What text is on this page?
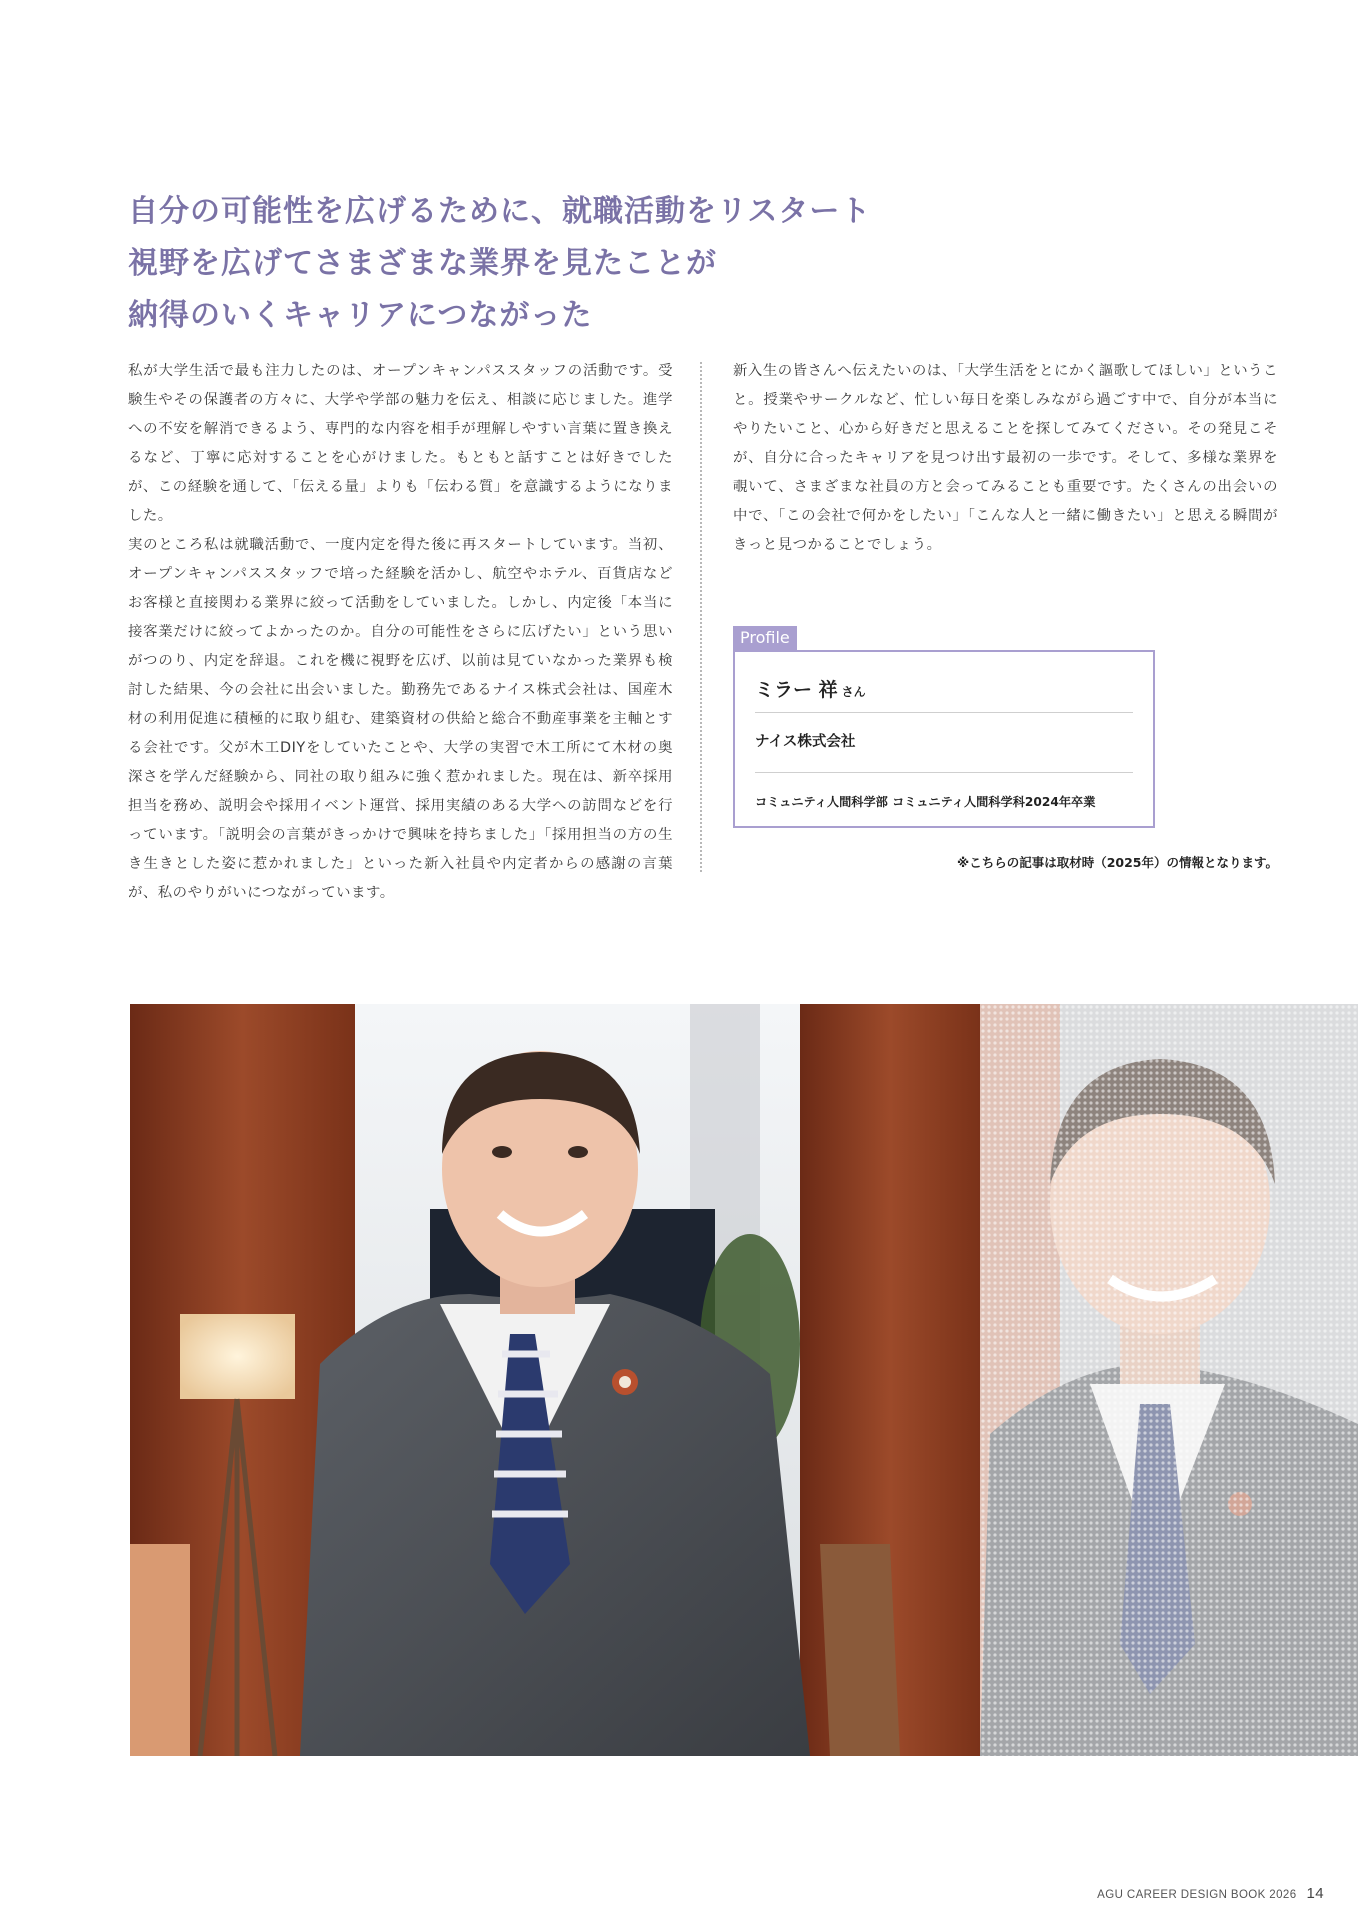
自分の可能性を広げるために、就職活動をリスタート
視野を広げてさまざまな業界を見たことが
納得のいくキャリアにつながった

私が大学生活で最も注力したのは、オープンキャンパススタッフの活動です。受験生やその保護者の方々に、大学や学部の魅力を伝え、相談に応じました。進学への不安を解消できるよう、専門的な内容を相手が理解しやすい言葉に置き換えるなど、丁寧に応対することを心がけました。もともと話すことは好きでしたが、この経験を通して、「伝える量」よりも「伝わる質」を意識するようになりました。

実のところ私は就職活動で、一度内定を得た後に再スタートしています。当初、オープンキャンパススタッフで培った経験を活かし、航空やホテル、百貨店などお客様と直接関わる業界に絞って活動をしていました。しかし、内定後「本当に接客業だけに絞ってよかったのか。自分の可能性をさらに広げたい」という思いがつのり、内定を辞退。これを機に視野を広げ、以前は見ていなかった業界も検討した結果、今の会社に出会いました。勤務先であるナイス株式会社は、国産木材の利用促進に積極的に取り組む、建築資材の供給と総合不動産事業を主軸とする会社です。父が木工DIYをしていたことや、大学の実習で木工所にて木材の奥深さを学んだ経験から、同社の取り組みに強く惹かれました。現在は、新卒採用担当を務め、説明会や採用イベント運営、採用実績のある大学への訪問などを行っています。「説明会の言葉がきっかけで興味を持ちました」「採用担当の方の生き生きとした姿に惹かれました」といった新入社員や内定者からの感謝の言葉が、私のやりがいにつながっています。

新入生の皆さんへ伝えたいのは、「大学生活をとにかく謳歌してほしい」ということ。授業やサークルなど、忙しい毎日を楽しみながら過ごす中で、自分が本当にやりたいこと、心から好きだと思えることを探してみてください。その発見こそが、自分に合ったキャリアを見つけ出す最初の一歩です。そして、多様な業界を覗いて、さまざまな社員の方と会ってみることも重要です。たくさんの出会いの中で、「この会社で何かをしたい」「こんな人と一緒に働きたい」と思える瞬間がきっと見つかることでしょう。

Profile
ミラー 祥 さん
ナイス株式会社
コミュニティ人間科学部 コミュニティ人間科学科2024年卒業
※こちらの記事は取材時（2025年）の情報となります。
AGU CAREER DESIGN BOOK 2026 14
